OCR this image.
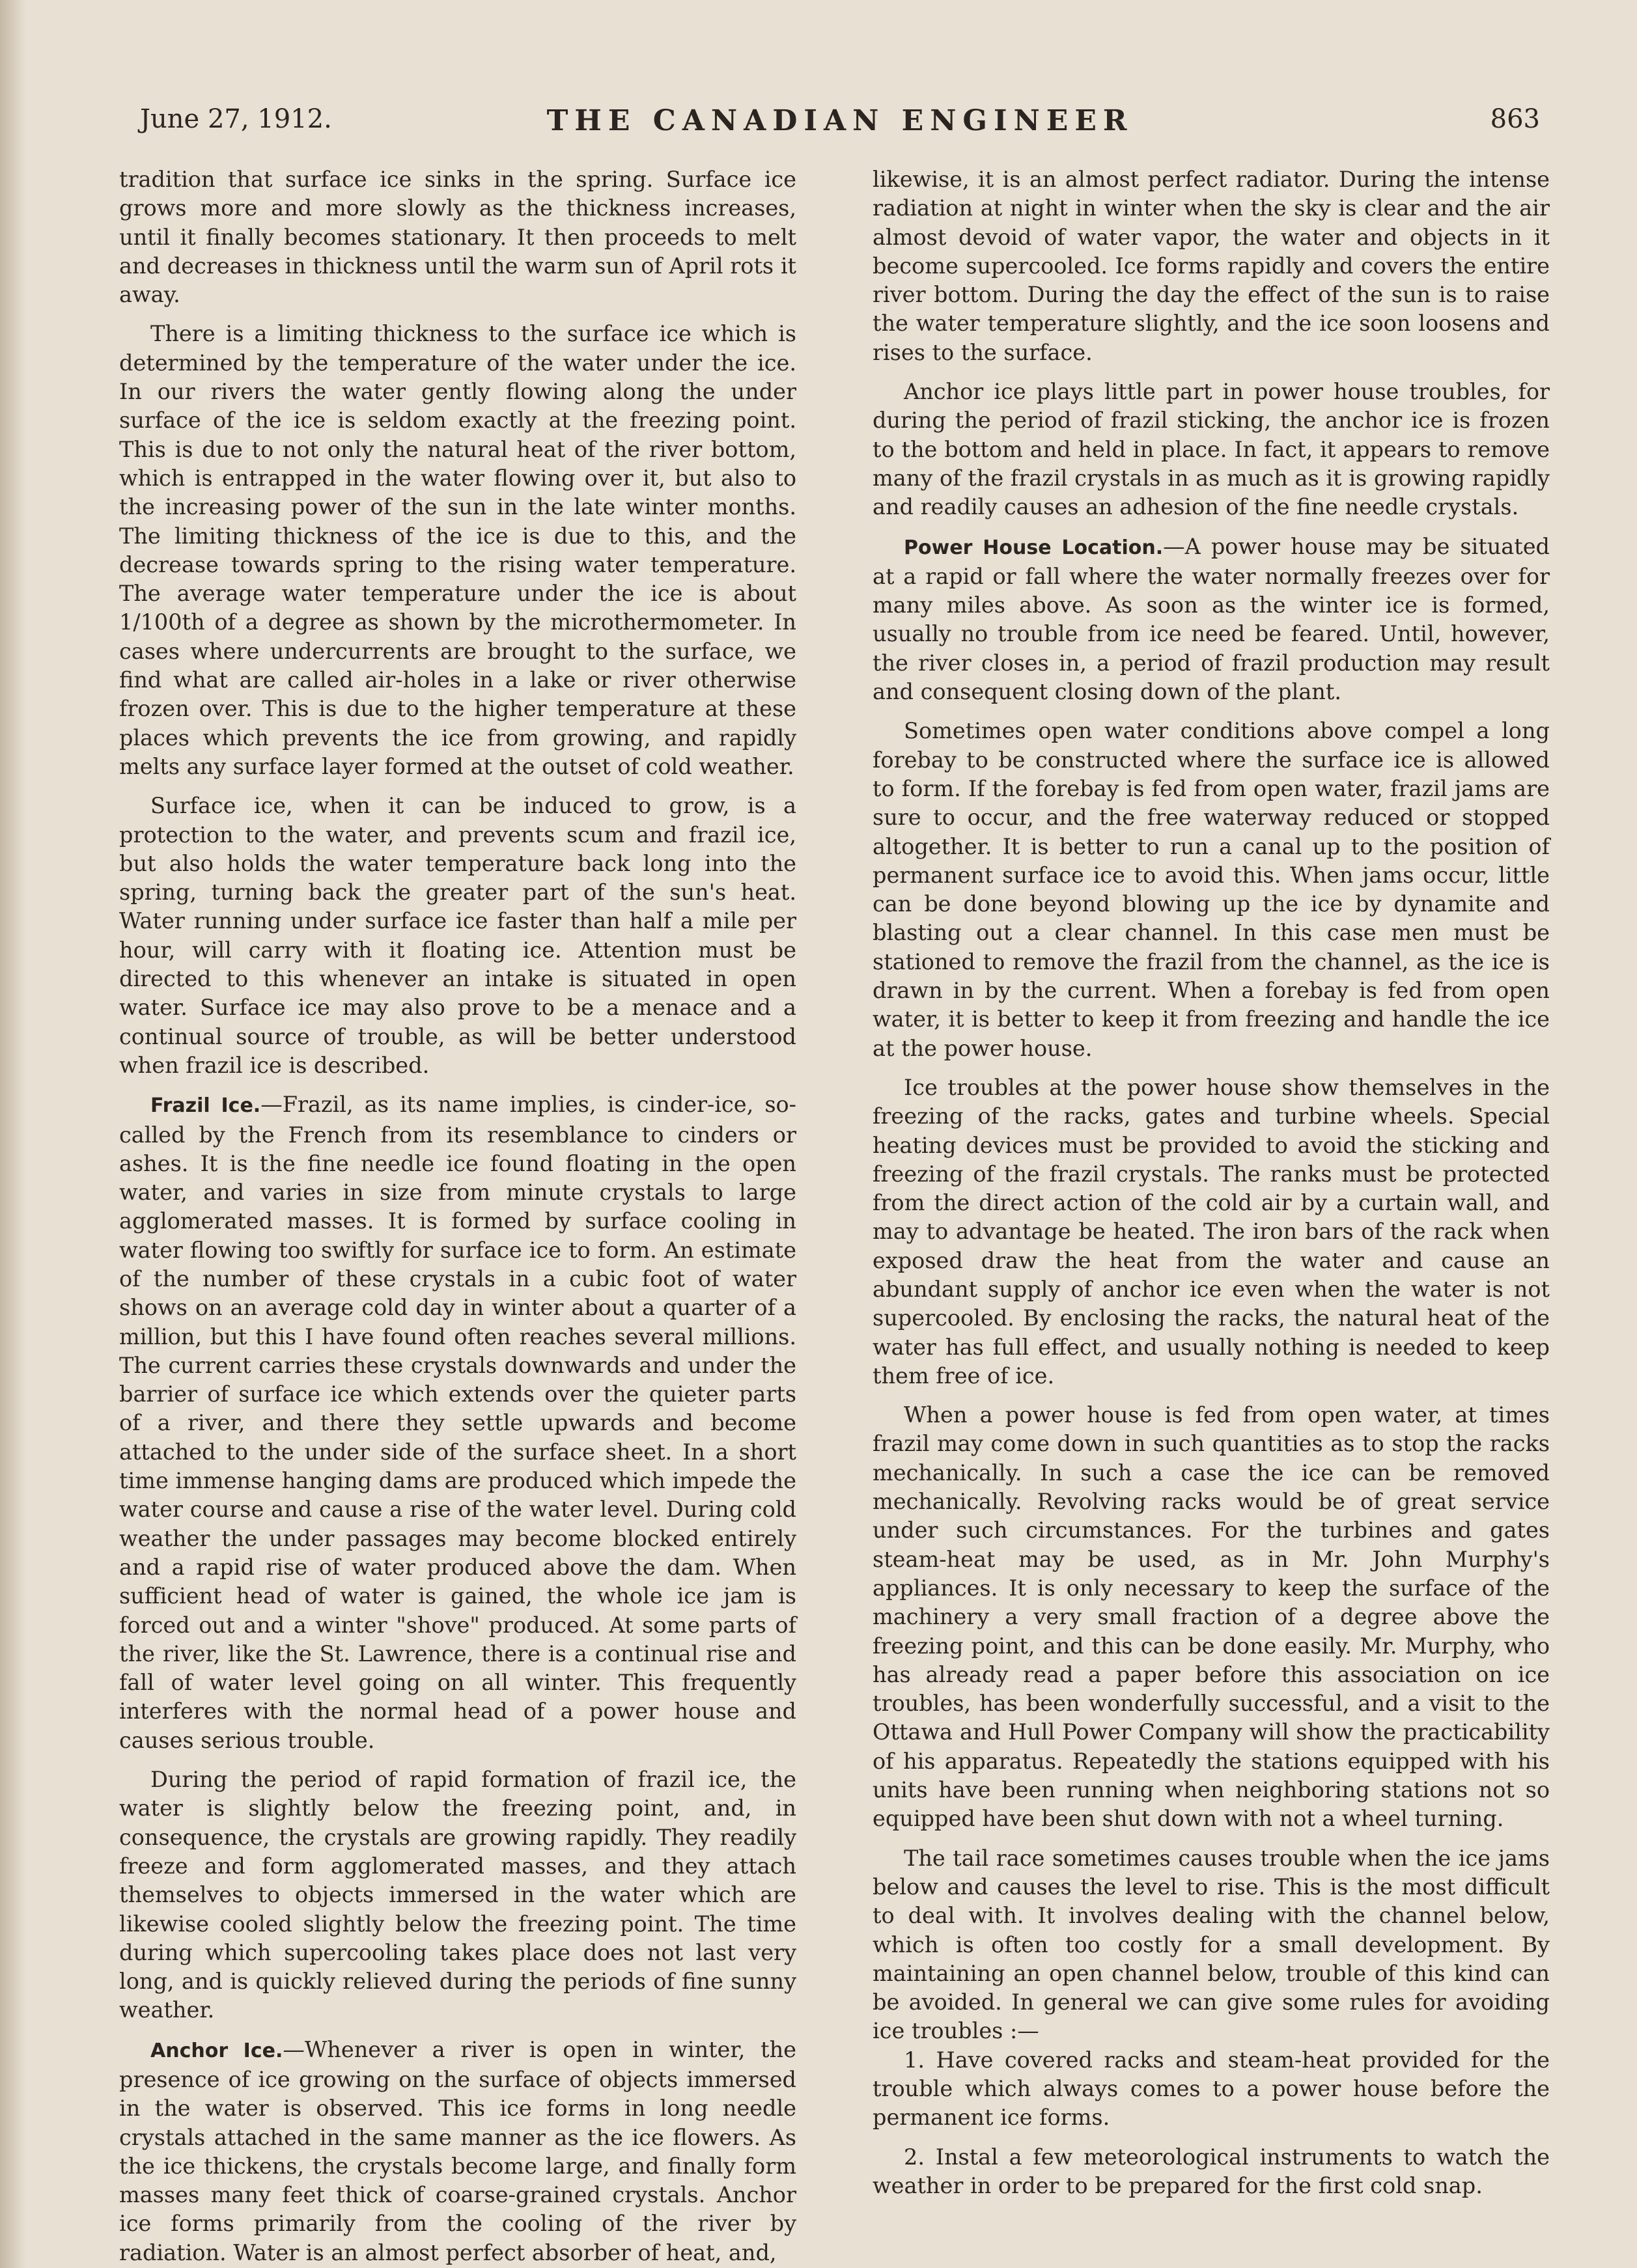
June 27, 1912.	THE CANADIAN ENGINEER	863

tradition that surface ice sinks in the spring. Surface ice grows more and more slowly as the thickness increases, until it finally becomes stationary. It then proceeds to melt and decreases in thickness until the warm sun of April rots it away.

There is a limiting thickness to the surface ice which is determined by the temperature of the water under the ice. In our rivers the water gently flowing along the under surface of the ice is seldom exactly at the freezing point. This is due to not only the natural heat of the river bottom, which is entrapped in the water flowing over it, but also to the increasing power of the sun in the late winter months. The limiting thickness of the ice is due to this, and the decrease towards spring to the rising water temperature. The average water temperature under the ice is about 1/100th of a degree as shown by the microthermometer. In cases where undercurrents are brought to the surface, we find what are called air-holes in a lake or river otherwise frozen over. This is due to the higher temperature at these places which prevents the ice from growing, and rapidly melts any surface layer formed at the outset of cold weather.

Surface ice, when it can be induced to grow, is a protection to the water, and prevents scum and frazil ice, but also holds the water temperature back long into the spring, turning back the greater part of the sun's heat. Water running under surface ice faster than half a mile per hour, will carry with it floating ice. Attention must be directed to this whenever an intake is situated in open water. Surface ice may also prove to be a menace and a continual source of trouble, as will be better understood when frazil ice is described.

Frazil Ice.—Frazil, as its name implies, is cinder-ice, so-called by the French from its resemblance to cinders or ashes. It is the fine needle ice found floating in the open water, and varies in size from minute crystals to large agglomerated masses. It is formed by surface cooling in water flowing too swiftly for surface ice to form. An estimate of the number of these crystals in a cubic foot of water shows on an average cold day in winter about a quarter of a million, but this I have found often reaches several millions. The current carries these crystals downwards and under the barrier of surface ice which extends over the quieter parts of a river, and there they settle upwards and become attached to the under side of the surface sheet. In a short time immense hanging dams are produced which impede the water course and cause a rise of the water level. During cold weather the under passages may become blocked entirely and a rapid rise of water produced above the dam. When sufficient head of water is gained, the whole ice jam is forced out and a winter "shove" produced. At some parts of the river, like the St. Lawrence, there is a continual rise and fall of water level going on all winter. This frequently interferes with the normal head of a power house and causes serious trouble.

During the period of rapid formation of frazil ice, the water is slightly below the freezing point, and, in consequence, the crystals are growing rapidly. They readily freeze and form agglomerated masses, and they attach themselves to objects immersed in the water which are likewise cooled slightly below the freezing point. The time during which supercooling takes place does not last very long, and is quickly relieved during the periods of fine sunny weather.

Anchor Ice.—Whenever a river is open in winter, the presence of ice growing on the surface of objects immersed in the water is observed. This ice forms in long needle crystals attached in the same manner as the ice flowers. As the ice thickens, the crystals become large, and finally form masses many feet thick of coarse-grained crystals. Anchor ice forms primarily from the cooling of the river by radiation. Water is an almost perfect absorber of heat, and,

likewise, it is an almost perfect radiator. During the intense radiation at night in winter when the sky is clear and the air almost devoid of water vapor, the water and objects in it become supercooled. Ice forms rapidly and covers the entire river bottom. During the day the effect of the sun is to raise the water temperature slightly, and the ice soon loosens and rises to the surface.

Anchor ice plays little part in power house troubles, for during the period of frazil sticking, the anchor ice is frozen to the bottom and held in place. In fact, it appears to remove many of the frazil crystals in as much as it is growing rapidly and readily causes an adhesion of the fine needle crystals.

Power House Location.—A power house may be situated at a rapid or fall where the water normally freezes over for many miles above. As soon as the winter ice is formed, usually no trouble from ice need be feared. Until, however, the river closes in, a period of frazil production may result and consequent closing down of the plant.

Sometimes open water conditions above compel a long forebay to be constructed where the surface ice is allowed to form. If the forebay is fed from open water, frazil jams are sure to occur, and the free waterway reduced or stopped altogether. It is better to run a canal up to the position of permanent surface ice to avoid this. When jams occur, little can be done beyond blowing up the ice by dynamite and blasting out a clear channel. In this case men must be stationed to remove the frazil from the channel, as the ice is drawn in by the current. When a forebay is fed from open water, it is better to keep it from freezing and handle the ice at the power house.

Ice troubles at the power house show themselves in the freezing of the racks, gates and turbine wheels. Special heating devices must be provided to avoid the sticking and freezing of the frazil crystals. The ranks must be protected from the direct action of the cold air by a curtain wall, and may to advantage be heated. The iron bars of the rack when exposed draw the heat from the water and cause an abundant supply of anchor ice even when the water is not supercooled. By enclosing the racks, the natural heat of the water has full effect, and usually nothing is needed to keep them free of ice.

When a power house is fed from open water, at times frazil may come down in such quantities as to stop the racks mechanically. In such a case the ice can be removed mechanically. Revolving racks would be of great service under such circumstances. For the turbines and gates steam-heat may be used, as in Mr. John Murphy's appliances. It is only necessary to keep the surface of the machinery a very small fraction of a degree above the freezing point, and this can be done easily. Mr. Murphy, who has already read a paper before this association on ice troubles, has been wonderfully successful, and a visit to the Ottawa and Hull Power Company will show the practicability of his apparatus. Repeatedly the stations equipped with his units have been running when neighboring stations not so equipped have been shut down with not a wheel turning.

The tail race sometimes causes trouble when the ice jams below and causes the level to rise. This is the most difficult to deal with. It involves dealing with the channel below, which is often too costly for a small development. By maintaining an open channel below, trouble of this kind can be avoided. In general we can give some rules for avoiding ice troubles :—

1. Have covered racks and steam-heat provided for the trouble which always comes to a power house before the permanent ice forms.

2. Instal a few meteorological instruments to watch the weather in order to be prepared for the first cold snap.
